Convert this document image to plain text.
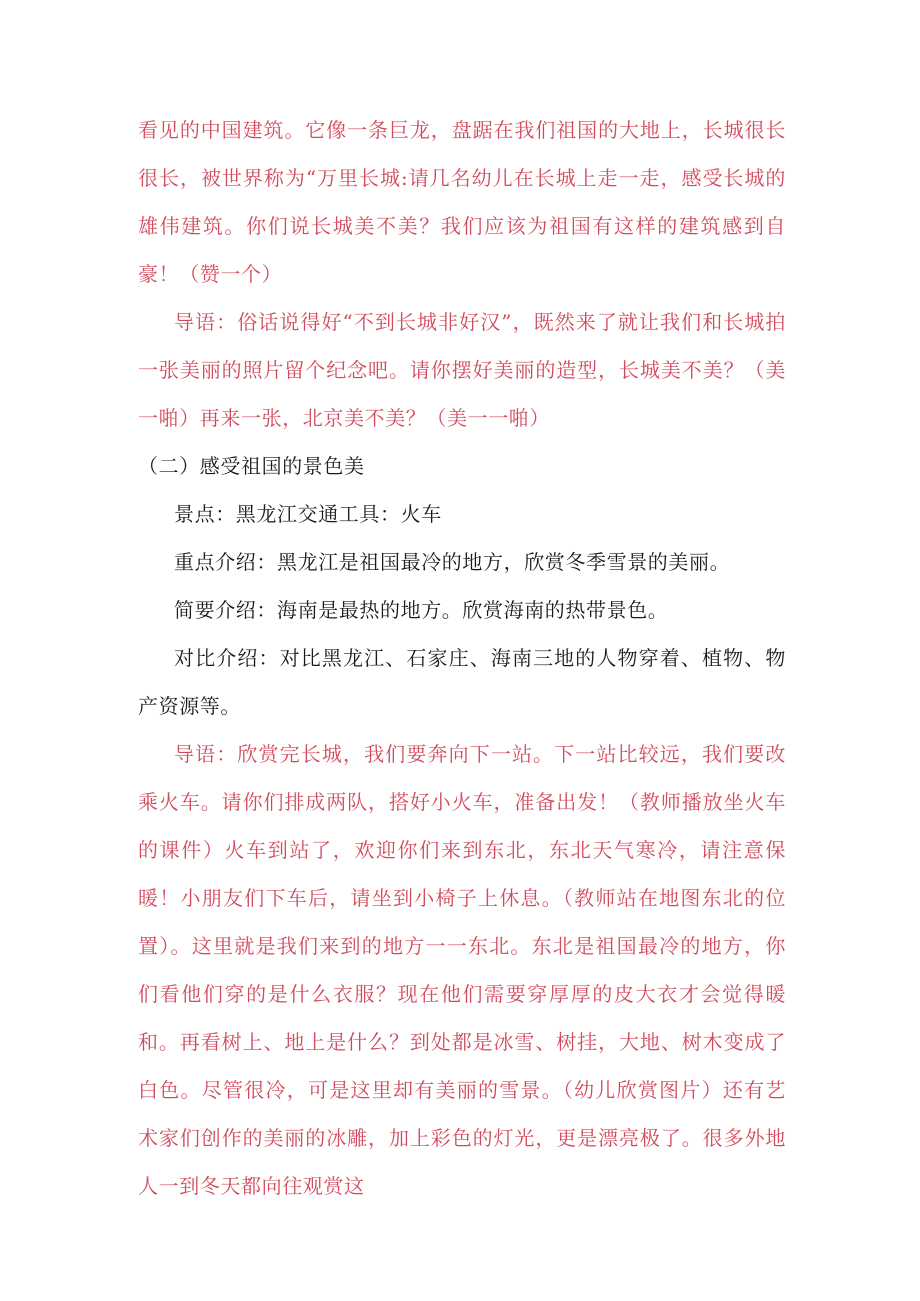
看见的中国建筑。它像一条巨龙，盘踞在我们祖国的大地上，长城很长很长，被世界称为“万里长城:请几名幼儿在长城上走一走，感受长城的雄伟建筑。你们说长城美不美？我们应该为祖国有这样的建筑感到自豪！（赞一个）

导语：俗话说得好“不到长城非好汉”，既然来了就让我们和长城拍一张美丽的照片留个纪念吧。请你摆好美丽的造型，长城美不美？（美一啪）再来一张，北京美不美？（美一一啪）

（二）感受祖国的景色美

景点：黑龙江交通工具：火车

重点介绍：黑龙江是祖国最冷的地方，欣赏冬季雪景的美丽。

简要介绍：海南是最热的地方。欣赏海南的热带景色。

对比介绍：对比黑龙江、石家庄、海南三地的人物穿着、植物、物产资源等。

导语：欣赏完长城，我们要奔向下一站。下一站比较远，我们要改乘火车。请你们排成两队，搭好小火车，准备出发！（教师播放坐火车的课件）火车到站了，欢迎你们来到东北，东北天气寒冷，请注意保暖！小朋友们下车后，请坐到小椅子上休息。（教师站在地图东北的位置）。这里就是我们来到的地方一一东北。东北是祖国最冷的地方，你们看他们穿的是什么衣服？现在他们需要穿厚厚的皮大衣才会觉得暖和。再看树上、地上是什么？到处都是冰雪、树挂，大地、树木变成了白色。尽管很冷，可是这里却有美丽的雪景。（幼儿欣赏图片）还有艺术家们创作的美丽的冰雕，加上彩色的灯光，更是漂亮极了。很多外地人一到冬天都向往观赏这
